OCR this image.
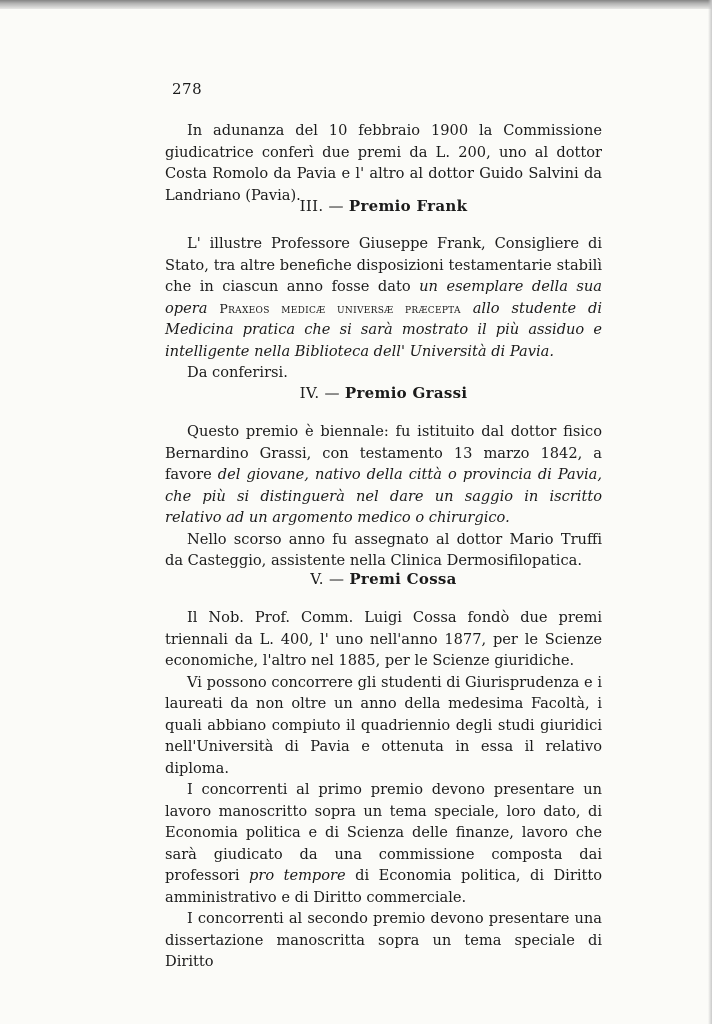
278

In adunanza del 10 febbraio 1900 la Commissione giudicatrice conferì due premi da L. 200, uno al dottor Costa Romolo da Pavia e l' altro al dottor Guido Salvini da Landriano (Pavia).

III. — Premio Frank

L' illustre Professore Giuseppe Frank, Consigliere di Stato, tra altre benefiche disposizioni testamentarie stabilì che in ciascun anno fosse dato un esemplare della sua opera Praxeos medicæ universæ præcepta allo studente di Medicina pratica che si sarà mostrato il più assiduo e intelligente nella Biblioteca dell' Università di Pavia.

Da conferirsi.

IV. — Premio Grassi

Questo premio è biennale: fu istituito dal dottor fisico Bernardino Grassi, con testamento 13 marzo 1842, a favore del giovane, nativo della città o provincia di Pavia, che più si distinguerà nel dare un saggio in iscritto relativo ad un argomento medico o chirurgico.

Nello scorso anno fu assegnato al dottor Mario Truffi da Casteggio, assistente nella Clinica Dermosifilopatica.

V. — Premi Cossa

Il Nob. Prof. Comm. Luigi Cossa fondò due premi triennali da L. 400, l' uno nell'anno 1877, per le Scienze economiche, l'altro nel 1885, per le Scienze giuridiche.

Vi possono concorrere gli studenti di Giurisprudenza e i laureati da non oltre un anno della medesima Facoltà, i quali abbiano compiuto il quadriennio degli studi giuridici nell'Università di Pavia e ottenuta in essa il relativo diploma.

I concorrenti al primo premio devono presentare un lavoro manoscritto sopra un tema speciale, loro dato, di Economia politica e di Scienza delle finanze, lavoro che sarà giudicato da una commissione composta dai professori pro tempore di Economia politica, di Diritto amministrativo e di Diritto commerciale.

I concorrenti al secondo premio devono presentare una dissertazione manoscritta sopra un tema speciale di Diritto
